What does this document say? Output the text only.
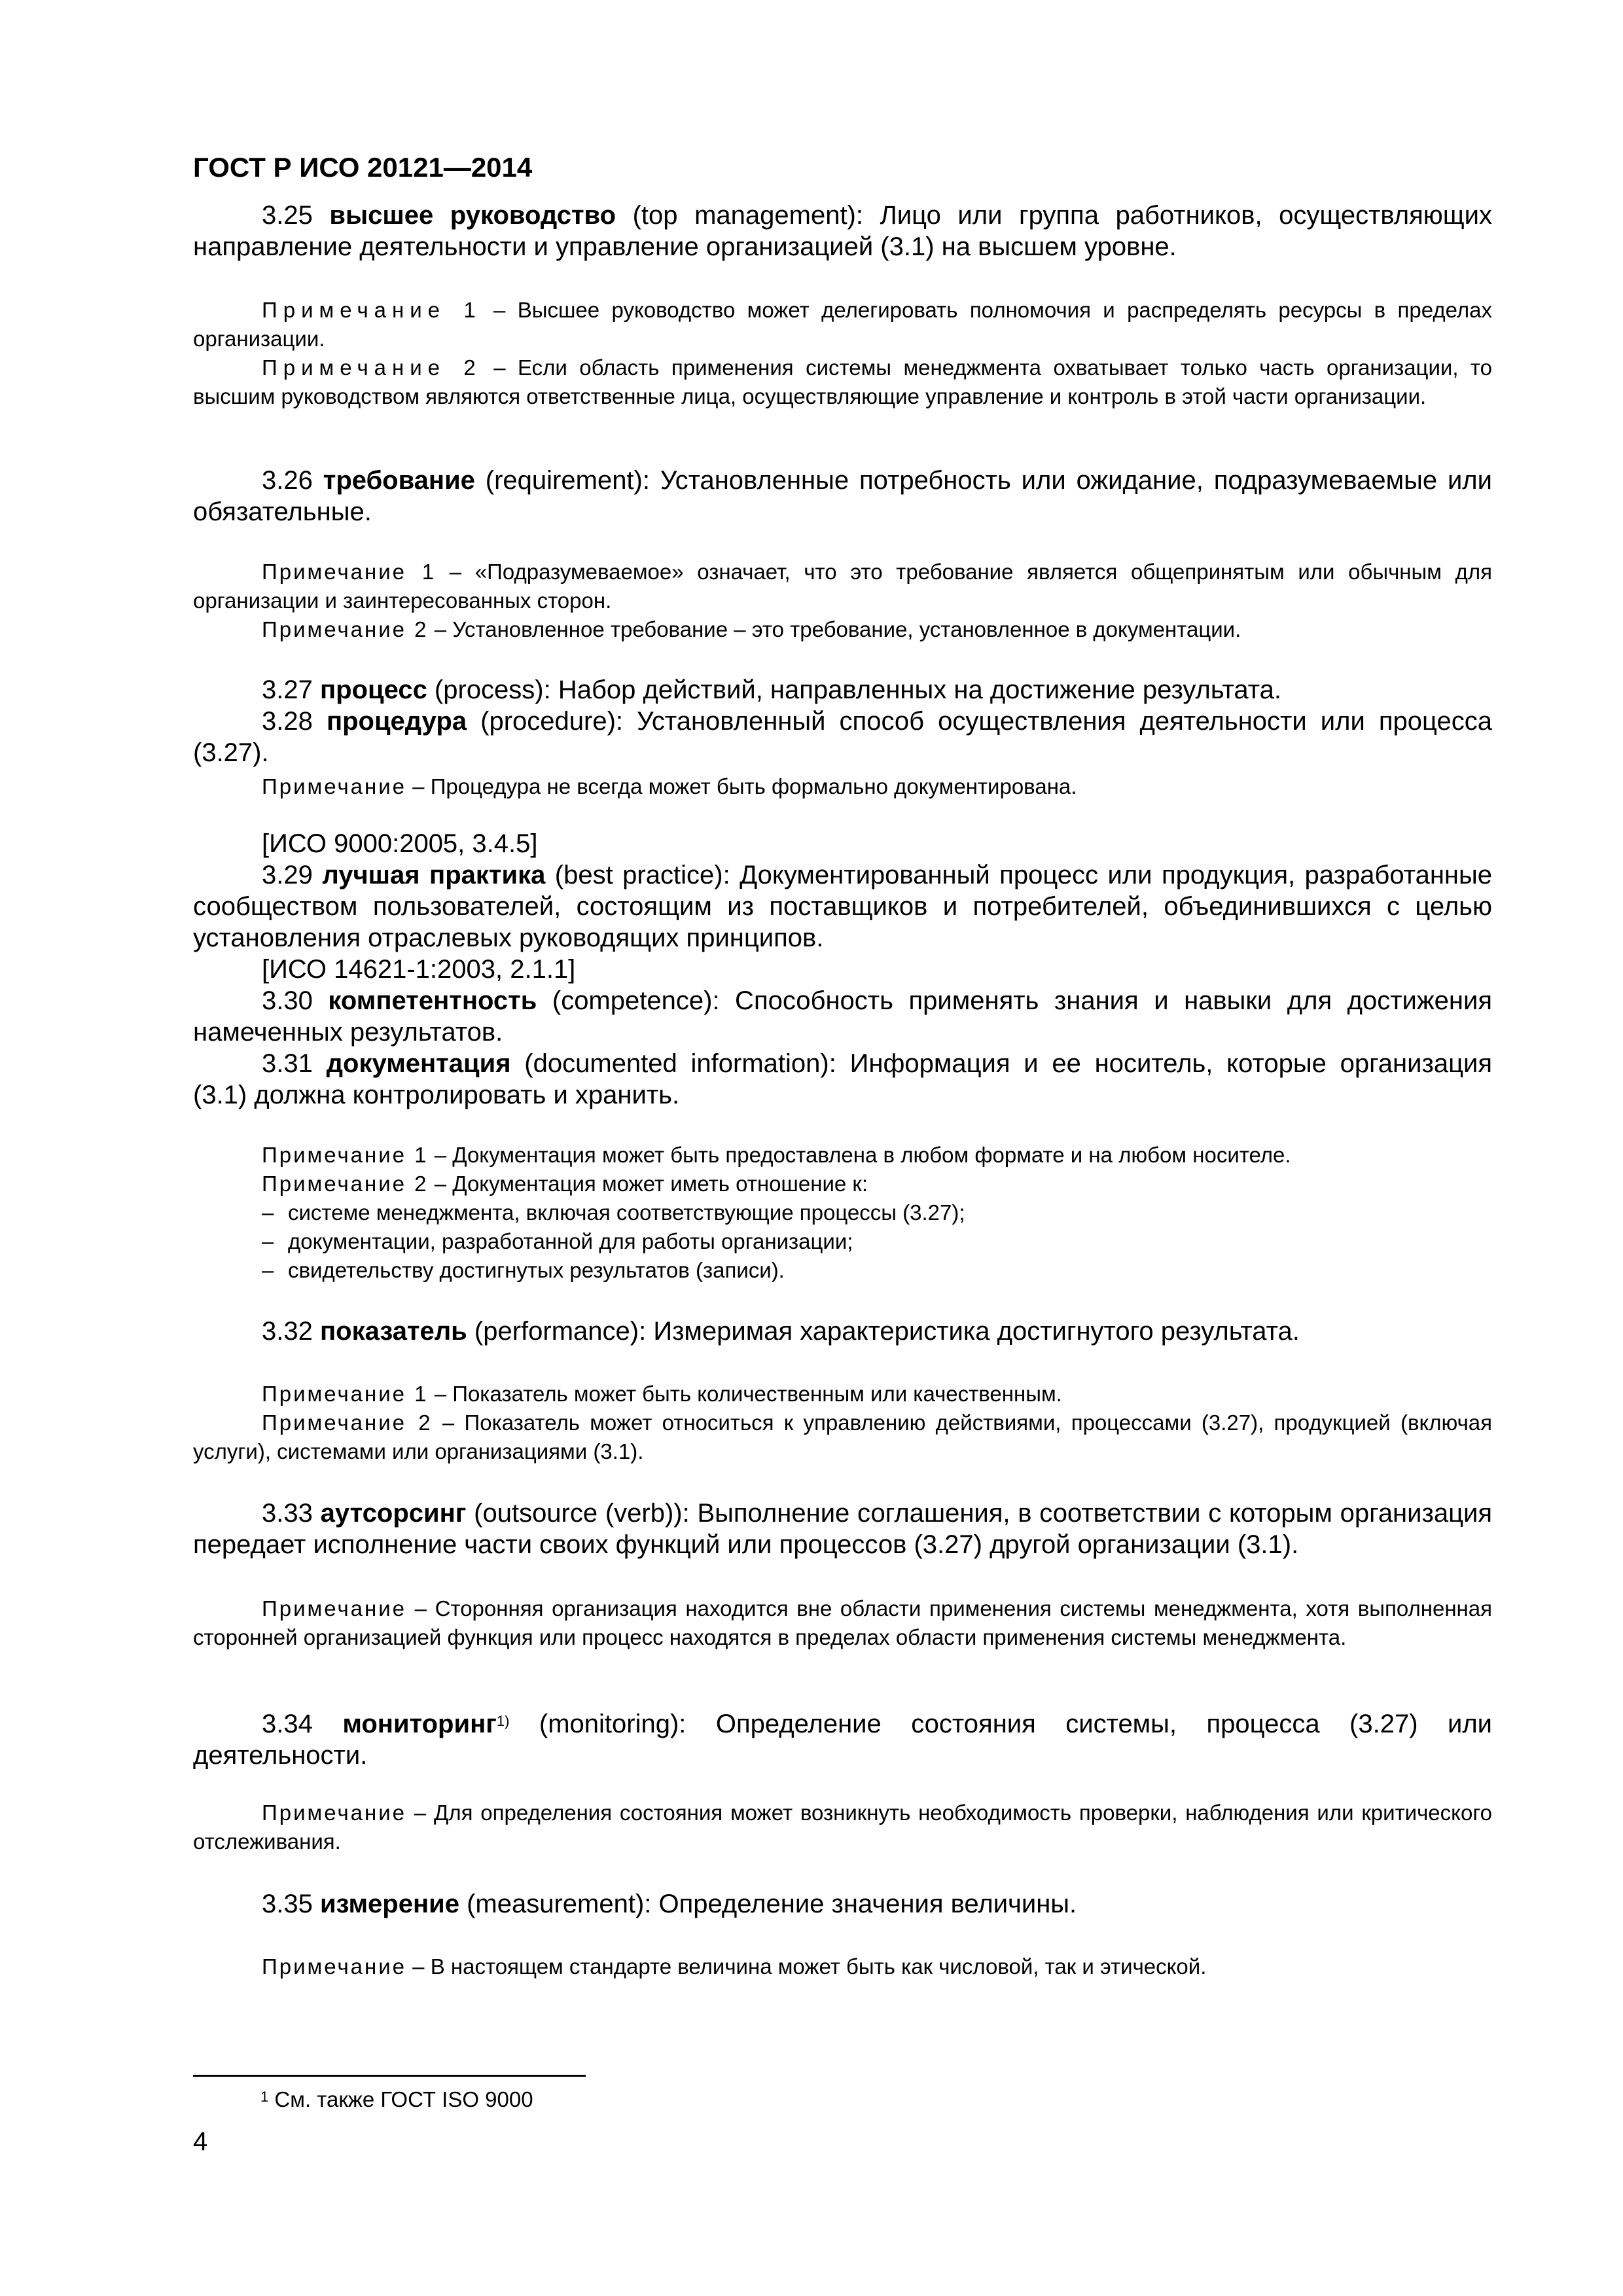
ГОСТ Р ИСО 20121—2014

3.25 высшее руководство (top management): Лицо или группа работников, осуществляющих направление деятельности и управление организацией (3.1) на высшем уровне.

Примечание 1 – Высшее руководство может делегировать полномочия и распределять ресурсы в пределах организации.

Примечание 2 – Если область применения системы менеджмента охватывает только часть организации, то высшим руководством являются ответственные лица, осуществляющие управление и контроль в этой части организации.

3.26 требование (requirement): Установленные потребность или ожидание, подразумеваемые или обязательные.

Примечание 1 – «Подразумеваемое» означает, что это требование является общепринятым или обычным для организации и заинтересованных сторон.

Примечание 2 – Установленное требование – это требование, установленное в документации.

3.27 процесс (process): Набор действий, направленных на достижение результата.

3.28 процедура (procedure): Установленный способ осуществления деятельности или процесса (3.27).

Примечание – Процедура не всегда может быть формально документирована.

[ИСО 9000:2005, 3.4.5]

3.29 лучшая практика (best practice): Документированный процесс или продукция, разработанные сообществом пользователей, состоящим из поставщиков и потребителей, объединившихся с целью установления отраслевых руководящих принципов.

[ИСО 14621-1:2003, 2.1.1]

3.30 компетентность (competence): Способность применять знания и навыки для достижения намеченных результатов.

3.31 документация (documented information): Информация и ее носитель, которые организация (3.1) должна контролировать и хранить.

Примечание 1 – Документация может быть предоставлена в любом формате и на любом носителе.

Примечание 2 – Документация может иметь отношение к:

– системе менеджмента, включая соответствующие процессы (3.27);

– документации, разработанной для работы организации;

– свидетельству достигнутых результатов (записи).

3.32 показатель (performance): Измеримая характеристика достигнутого результата.

Примечание 1 – Показатель может быть количественным или качественным.

Примечание 2 – Показатель может относиться к управлению действиями, процессами (3.27), продукцией (включая услуги), системами или организациями (3.1).

3.33 аутсорсинг (outsource (verb)): Выполнение соглашения, в соответствии с которым организация передает исполнение части своих функций или процессов (3.27) другой организации (3.1).

Примечание – Сторонняя организация находится вне области применения системы менеджмента, хотя выполненная сторонней организацией функция или процесс находятся в пределах области применения системы менеджмента.

3.34 мониторинг$^{1)}$ (monitoring): Определение состояния системы, процесса (3.27) или деятельности.

Примечание – Для определения состояния может возникнуть необходимость проверки, наблюдения или критического отслеживания.

3.35 измерение (measurement): Определение значения величины.

Примечание – В настоящем стандарте величина может быть как числовой, так и этической.

$^1$ См. также ГОСТ ISO 9000
4
